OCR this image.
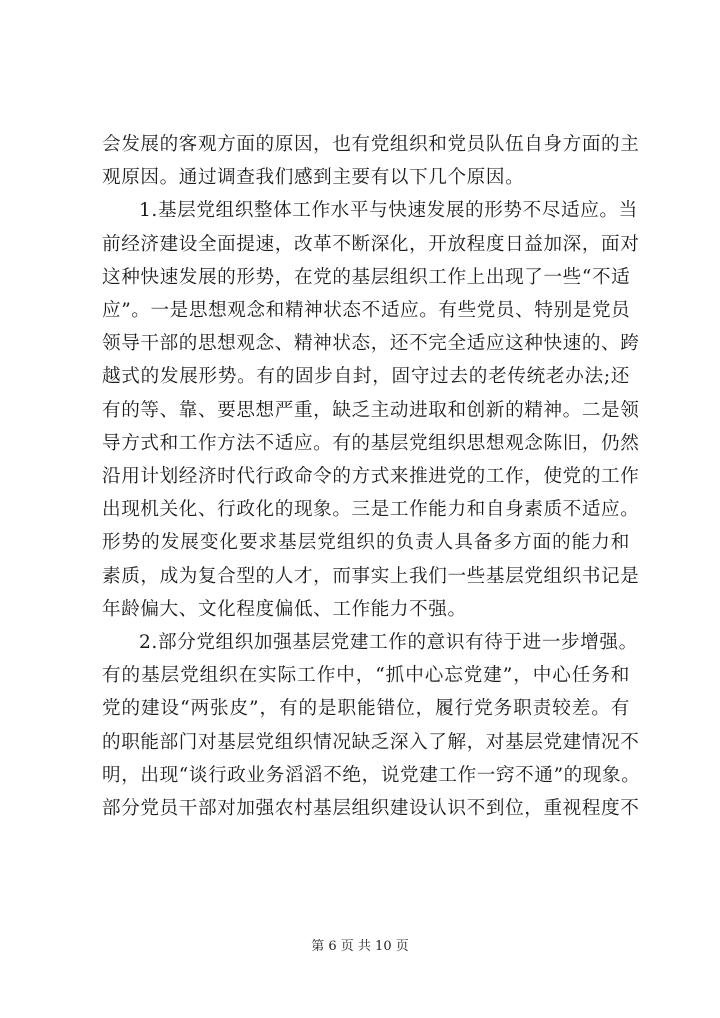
会发展的客观方面的原因，也有党组织和党员队伍自身方面的主
观原因。通过调查我们感到主要有以下几个原因。

1.基层党组织整体工作水平与快速发展的形势不尽适应。当
前经济建设全面提速，改革不断深化，开放程度日益加深，面对
这种快速发展的形势，在党的基层组织工作上出现了一些“不适
应”。一是思想观念和精神状态不适应。有些党员、特别是党员
领导干部的思想观念、精神状态，还不完全适应这种快速的、跨
越式的发展形势。有的固步自封，固守过去的老传统老办法;还
有的等、靠、要思想严重，缺乏主动进取和创新的精神。二是领
导方式和工作方法不适应。有的基层党组织思想观念陈旧，仍然
沿用计划经济时代行政命令的方式来推进党的工作，使党的工作
出现机关化、行政化的现象。三是工作能力和自身素质不适应。
形势的发展变化要求基层党组织的负责人具备多方面的能力和
素质，成为复合型的人才，而事实上我们一些基层党组织书记是
年龄偏大、文化程度偏低、工作能力不强。

2.部分党组织加强基层党建工作的意识有待于进一步增强。
有的基层党组织在实际工作中，“抓中心忘党建”，中心任务和
党的建设“两张皮”，有的是职能错位，履行党务职责较差。有
的职能部门对基层党组织情况缺乏深入了解，对基层党建情况不
明，出现“谈行政业务滔滔不绝，说党建工作一窍不通”的现象。
部分党员干部对加强农村基层组织建设认识不到位，重视程度不

第 6 页 共 10 页
